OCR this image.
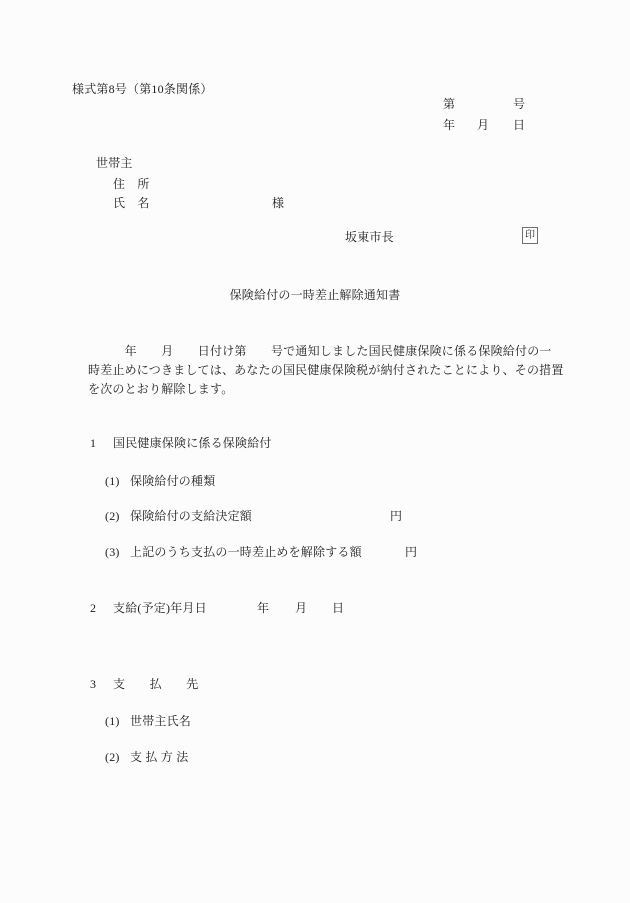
様式第8号（第10条関係）
第	号
年 月 日
世帯主
住　所
氏　名	様
坂東市長	印
保険給付の一時差止解除通知書
　　　年　　月　　日付け第　　号で通知しました国民健康保険に係る保険給付の一
時差止めにつきましては、あなたの国民健康保険税が納付されたことにより、その措置
を次のとおり解除します。
1 国民健康保険に係る保険給付
(1) 保険給付の種類
(2) 保険給付の支給決定額	円
(3) 上記のうち支払の一時差止めを解除する額	円
2 支給(予定)年月日	年 月 日
3 支　　払　　先
(1) 世帯主氏名
(2) 支 払 方 法
